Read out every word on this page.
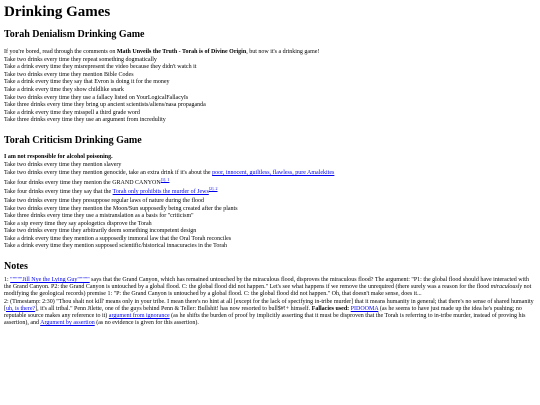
Drinking Games
Torah Denialism Drinking Game

If you're bored, read through the comments on Math Unveils the Truth - Torah is of Divine Origin, but now it's a drinking game!

Take two drinks every time they repeat something dogmatically
Take a drink every time they misrepresent the video because they didn't watch it
Take two drinks every time they mention Bible Codes
Take a drink every time they say that Evron is doing it for the money
Take a drink every time they show childlike snark
Take two drinks every time they use a fallacy listed on YourLogicalFallacyIs
Take three drinks every time they bring up ancient scientists/aliens/nasa propaganda
Take a drink every time they misspell a third grade word
Take three drinks every time they use an argument from incredulity
Torah Criticism Drinking Game
I am not responsible for alcohol poisoning.
Take two drinks every time they mention slavery
Take two drinks every time they mention genocide, take an extra drink if it's about the poor, innocent, guiltless, flawless, pure Amalekites
Take four drinks every time they menion the GRAND $CANYON^{[1], 1}$
Take four drinks every time they say that the Torah only prohibits the murder of Jews$^{[2], 2}$
Take two drinks every time they presuppose regular laws of nature during the flood
Take two drinks every time they mention the Moon/Sun supposedly being created after the plants
Take three drinks every time they use a mistranslation as a basis for "criticism"
Take a sip every time they say apologetics disprove the Torah
Take two drinks every time they arbitrarily deem something incompetent design
Take a drink every time they mention a supposedly immoral law that the Oral Torah reconciles
Take a drink every time they mention supposed scientific/historical innacuracies in the Torah
Notes

1: """""Jill Nye the Lying Guy""""" says that the Grand Canyon, which has remained untouched by the miraculous flood, disproves the miraculous flood? The argument: "P1: the global flood should have interacted with the Grand Canyon. P2: the Grand Canyon is untouched by a global flood. C: the global flood did not happen." Let's see what happens if we remove the unrequired (there surely was a reason for the flood miraculously not modifying the geological records) premise 1: "P: the Grand Canyon is untouched by a global flood. C: the global flood did not happen." Oh, that doesn't make sense, does it...

2: (Timestamp: 2:30) "Thou shalt not kill' means only in your tribe. I mean there's no hint at all [except for the lack of specifying in-tribe murder] that it means humanity in general; that there's no sense of shared humanity [uh, is there?], it's all tribal." Penn Jilette, one of the guys behind Penn & Teller: Bullshit! has now resorted to bull$#!+ himself. Fallacies used: PIDOOMA (as he seems to have just made up the idea he's pushing; no reputable source makes any reference to it) argument from ignorance (as he shifts the burden of proof by implicitly asserting that it must be disproven that the Torah is referring to in-tribe murder, instead of proving his assertion), and Argument by assertion (as no evidence is given for this assertion).
